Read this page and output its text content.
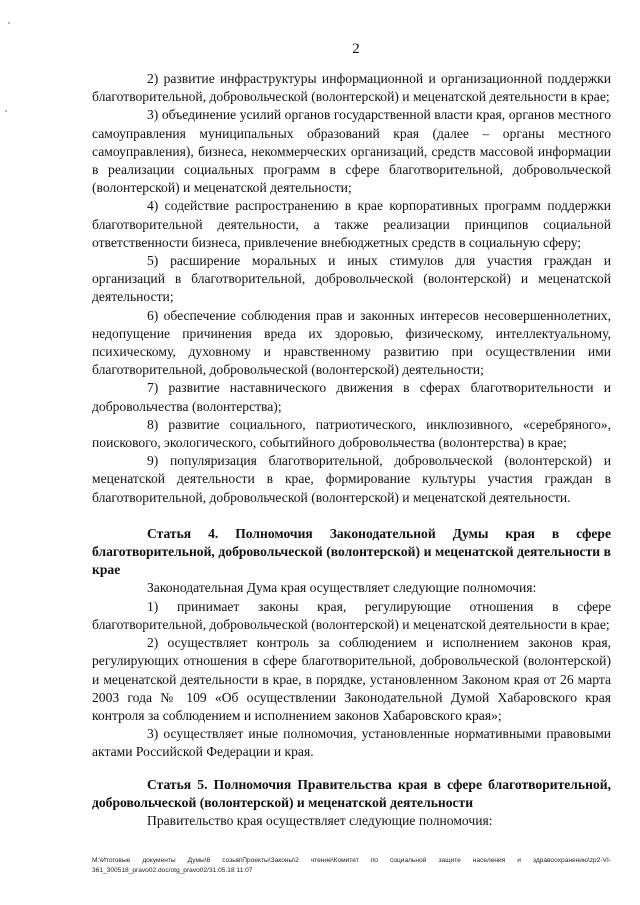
2

2) развитие инфраструктуры информационной и организационной поддержки благотворительной, добровольческой (волонтерской) и меценатской деятельности в крае;

3) объединение усилий органов государственной власти края, органов местного самоуправления муниципальных образований края (далее – органы местного самоуправления), бизнеса, некоммерческих организаций, средств массовой информации в реализации социальных программ в сфере благотворительной, добровольческой (волонтерской) и меценатской деятельности;

4) содействие распространению в крае корпоративных программ поддержки благотворительной деятельности, а также реализации принципов социальной ответственности бизнеса, привлечение внебюджетных средств в социальную сферу;

5) расширение моральных и иных стимулов для участия граждан и организаций в благотворительной, добровольческой (волонтерской) и меценатской деятельности;

6) обеспечение соблюдения прав и законных интересов несовершеннолетних, недопущение причинения вреда их здоровью, физическому, интеллектуальному, психическому, духовному и нравственному развитию при осуществлении ими благотворительной, добровольческой (волонтерской) деятельности;

7) развитие наставнического движения в сферах благотворительности и добровольчества (волонтерства);

8) развитие социального, патриотического, инклюзивного, «серебряного», поискового, экологического, событийного добровольчества (волонтерства) в крае;

9) популяризация благотворительной, добровольческой (волонтерской) и меценатской деятельности в крае, формирование культуры участия граждан в благотворительной, добровольческой (волонтерской) и меценатской деятельности.

Статья 4. Полномочия Законодательной Думы края в сфере благотворительной, добровольческой (волонтерской) и меценатской деятельности в крае

Законодательная Дума края осуществляет следующие полномочия:

1) принимает законы края, регулирующие отношения в сфере благотворительной, добровольческой (волонтерской) и меценатской деятельности в крае;

2) осуществляет контроль за соблюдением и исполнением законов края, регулирующих отношения в сфере благотворительной, добровольческой (волонтерской) и меценатской деятельности в крае, в порядке, установленном Законом края от 26 марта 2003 года № 109 «Об осуществлении Законодательной Думой Хабаровского края контроля за соблюдением и исполнением законов Хабаровского края»;

3) осуществляет иные полномочия, установленные нормативными правовыми актами Российской Федерации и края.

Статья 5. Полномочия Правительства края в сфере благотворительной, добровольческой (волонтерской) и меценатской деятельности

Правительство края осуществляет следующие полномочия:

M:\Итоговые документы Думы\6 созыв\Проекты\Законы\2 чтение\Комитет по социальной защите населения и здравоохранению\zp2-VI-361_300518_pravo02.doc/otg_pravo02/31.05.18 11:07
